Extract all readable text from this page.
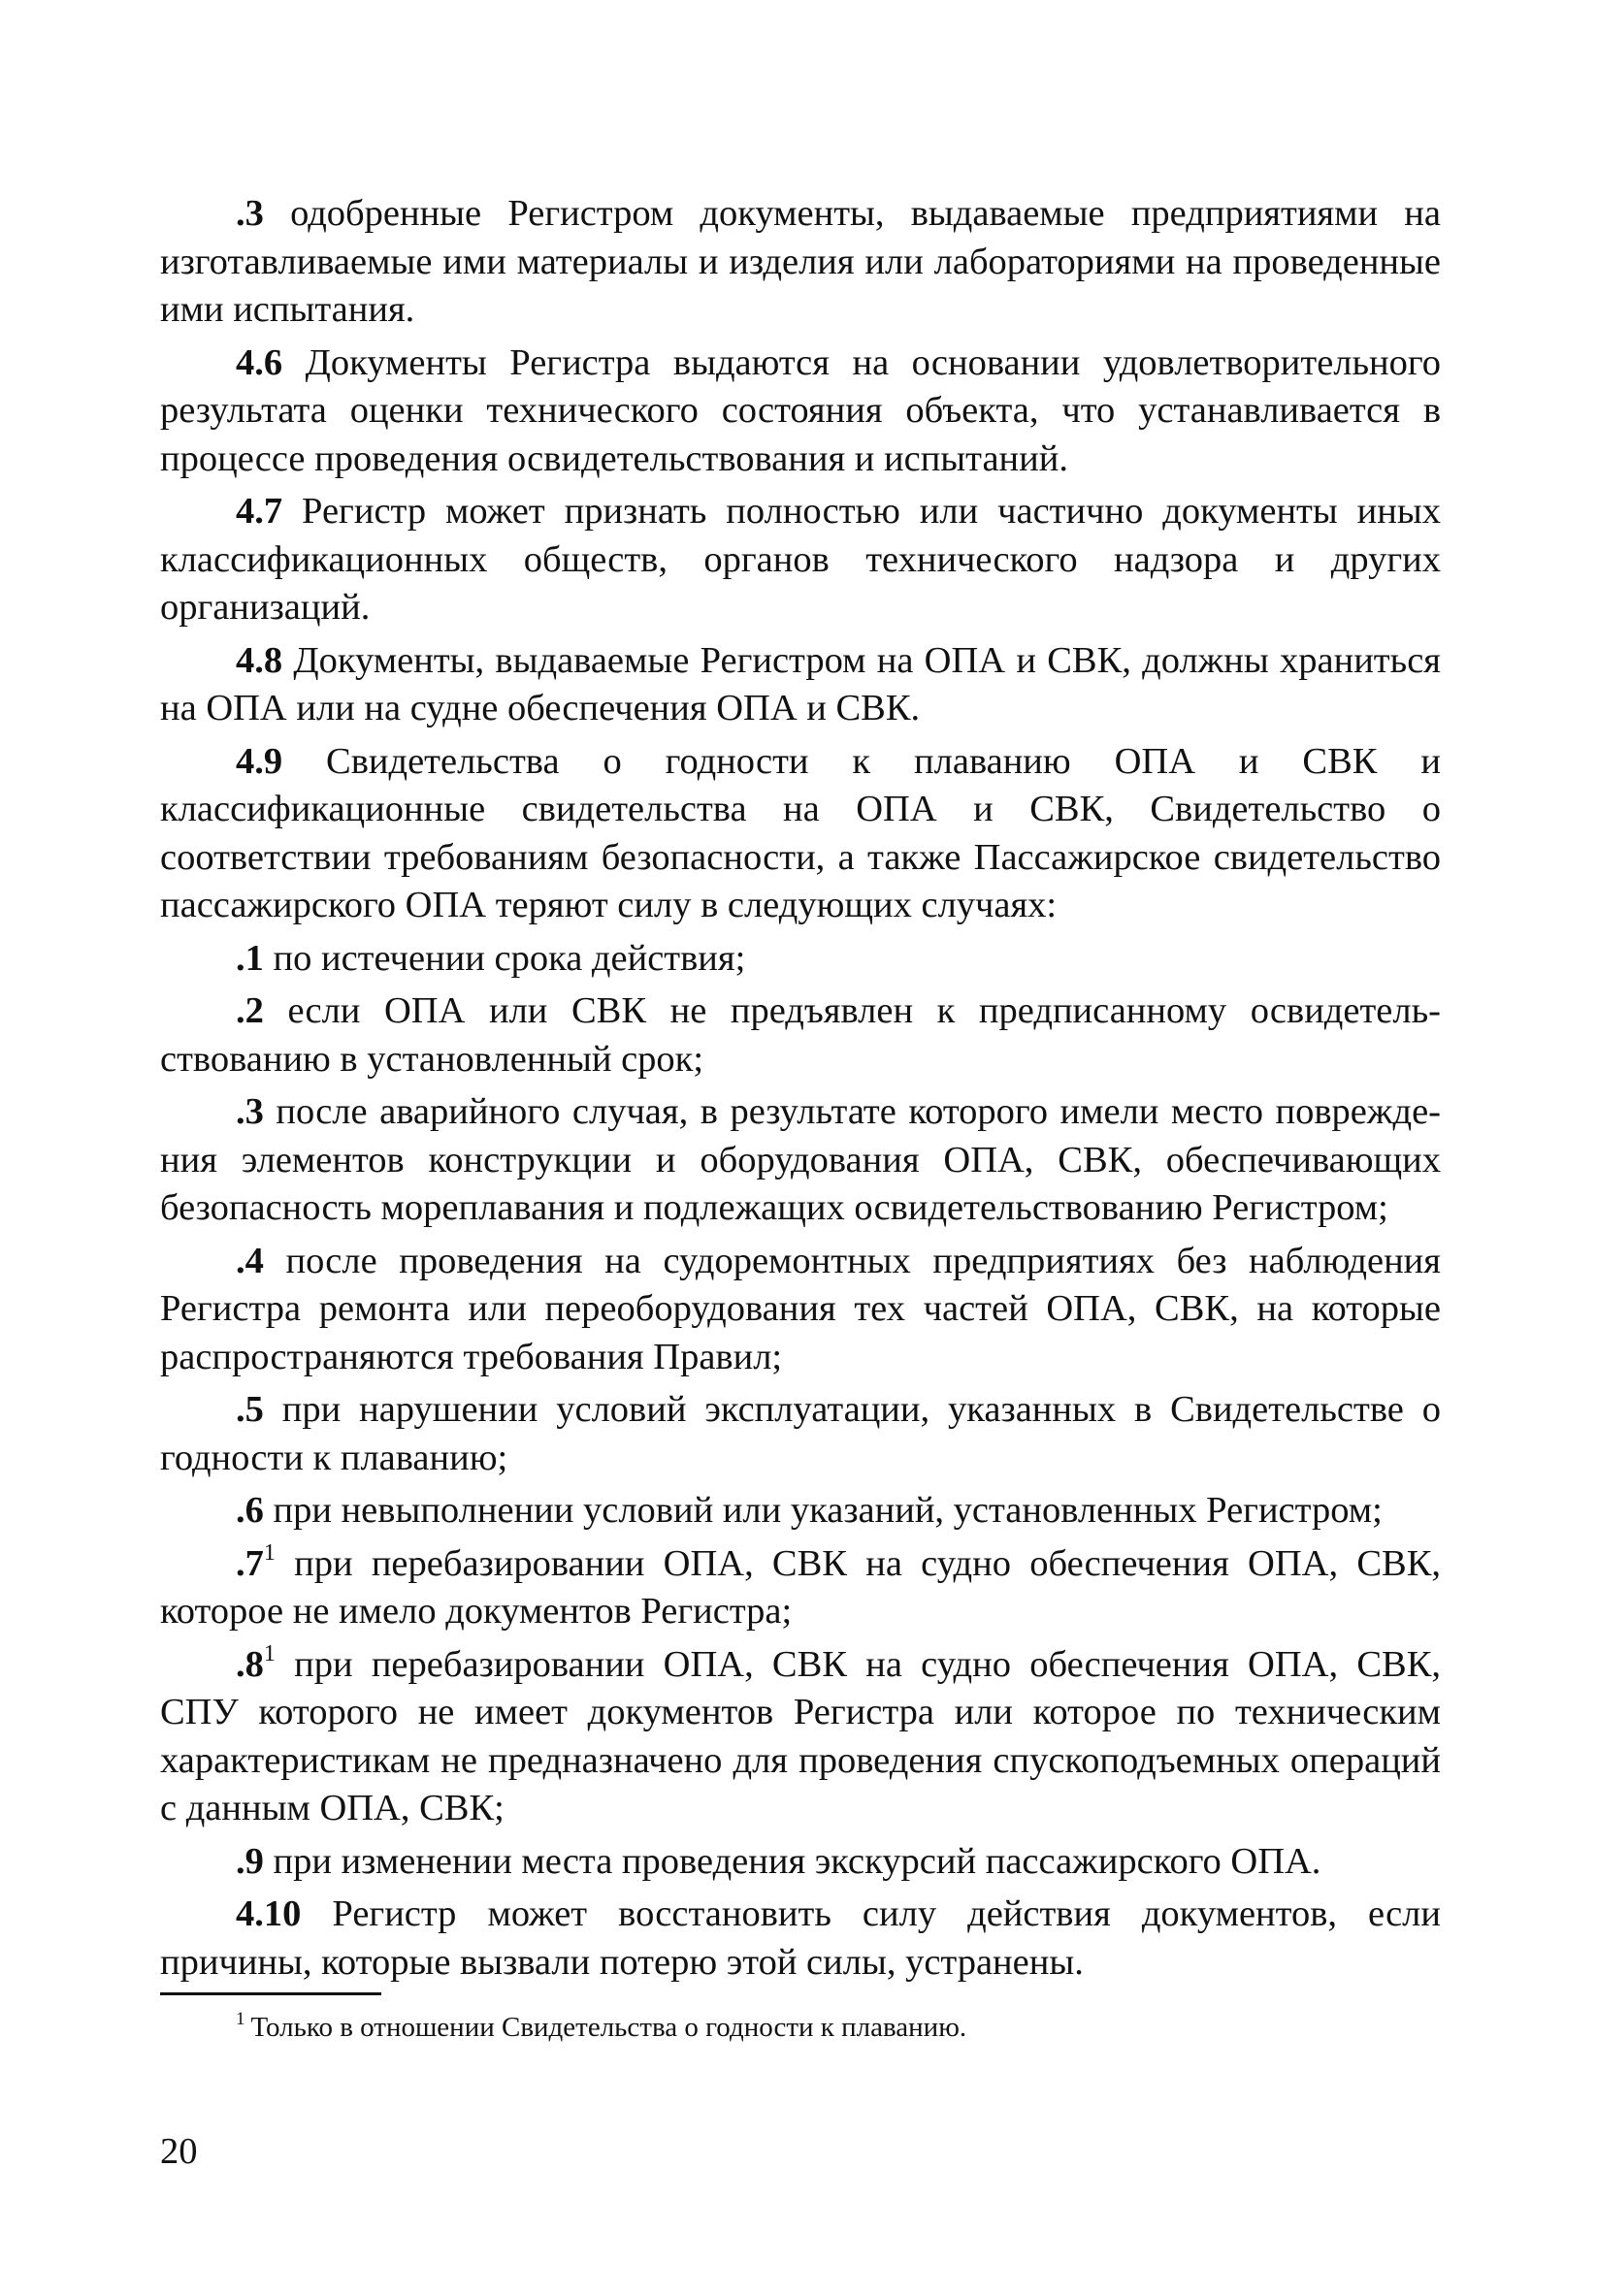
.3 одобренные Регистром документы, выдаваемые предприятиями на изготавливаемые ими материалы и изделия или лабораториями на проведенные ими испытания.

4.6 Документы Регистра выдаются на основании удовлетворительного результата оценки технического состояния объекта, что устанавливается в процессе проведения освидетельствования и испытаний.

4.7 Регистр может признать полностью или частично документы иных классификационных обществ, органов технического надзора и других организаций.

4.8 Документы, выдаваемые Регистром на ОПА и СВК, должны храниться на ОПА или на судне обеспечения ОПА и СВК.

4.9 Свидетельства о годности к плаванию ОПА и СВК и классификационные свидетельства на ОПА и СВК, Свидетельство о соответствии требованиям безопасности, а также Пассажирское свидетельство пассажирского ОПА теряют силу в следующих случаях:

.1 по истечении срока действия;

.2 если ОПА или СВК не предъявлен к предписанному освидетельствованию в установленный срок;

.3 после аварийного случая, в результате которого имели место повреждения элементов конструкции и оборудования ОПА, СВК, обеспечивающих безопасность мореплавания и подлежащих освидетельствованию Регистром;

.4 после проведения на судоремонтных предприятиях без наблюдения Регистра ремонта или переоборудования тех частей ОПА, СВК, на которые распространяются требования Правил;

.5 при нарушении условий эксплуатации, указанных в Свидетельстве о годности к плаванию;

.6 при невыполнении условий или указаний, установленных Регистром;

.7$^1$ при перебазировании ОПА, СВК на судно обеспечения ОПА, СВК, которое не имело документов Регистра;

.8$^1$ при перебазировании ОПА, СВК на судно обеспечения ОПА, СВК, СПУ которого не имеет документов Регистра или которое по техническим характеристикам не предназначено для проведения спускоподъемных операций с данным ОПА, СВК;

.9 при изменении места проведения экскурсий пассажирского ОПА.

4.10 Регистр может восстановить силу действия документов, если причины, которые вызвали потерю этой силы, устранены.

$^1$ Только в отношении Свидетельства о годности к плаванию.
20
